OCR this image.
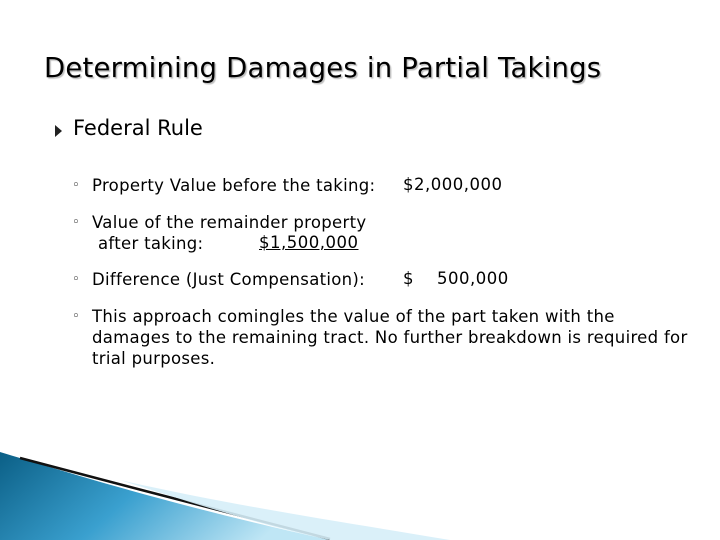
Determining Damages in Partial Takings
Federal Rule
◦ Property Value before the taking: $2,000,000
◦ Value of the remainder property
after taking:	$1,500,000
◦ Difference (Just Compensation): $    500,000
◦ This approach comingles the value of the part taken with the damages to the remaining tract. No further breakdown is required for trial purposes.
